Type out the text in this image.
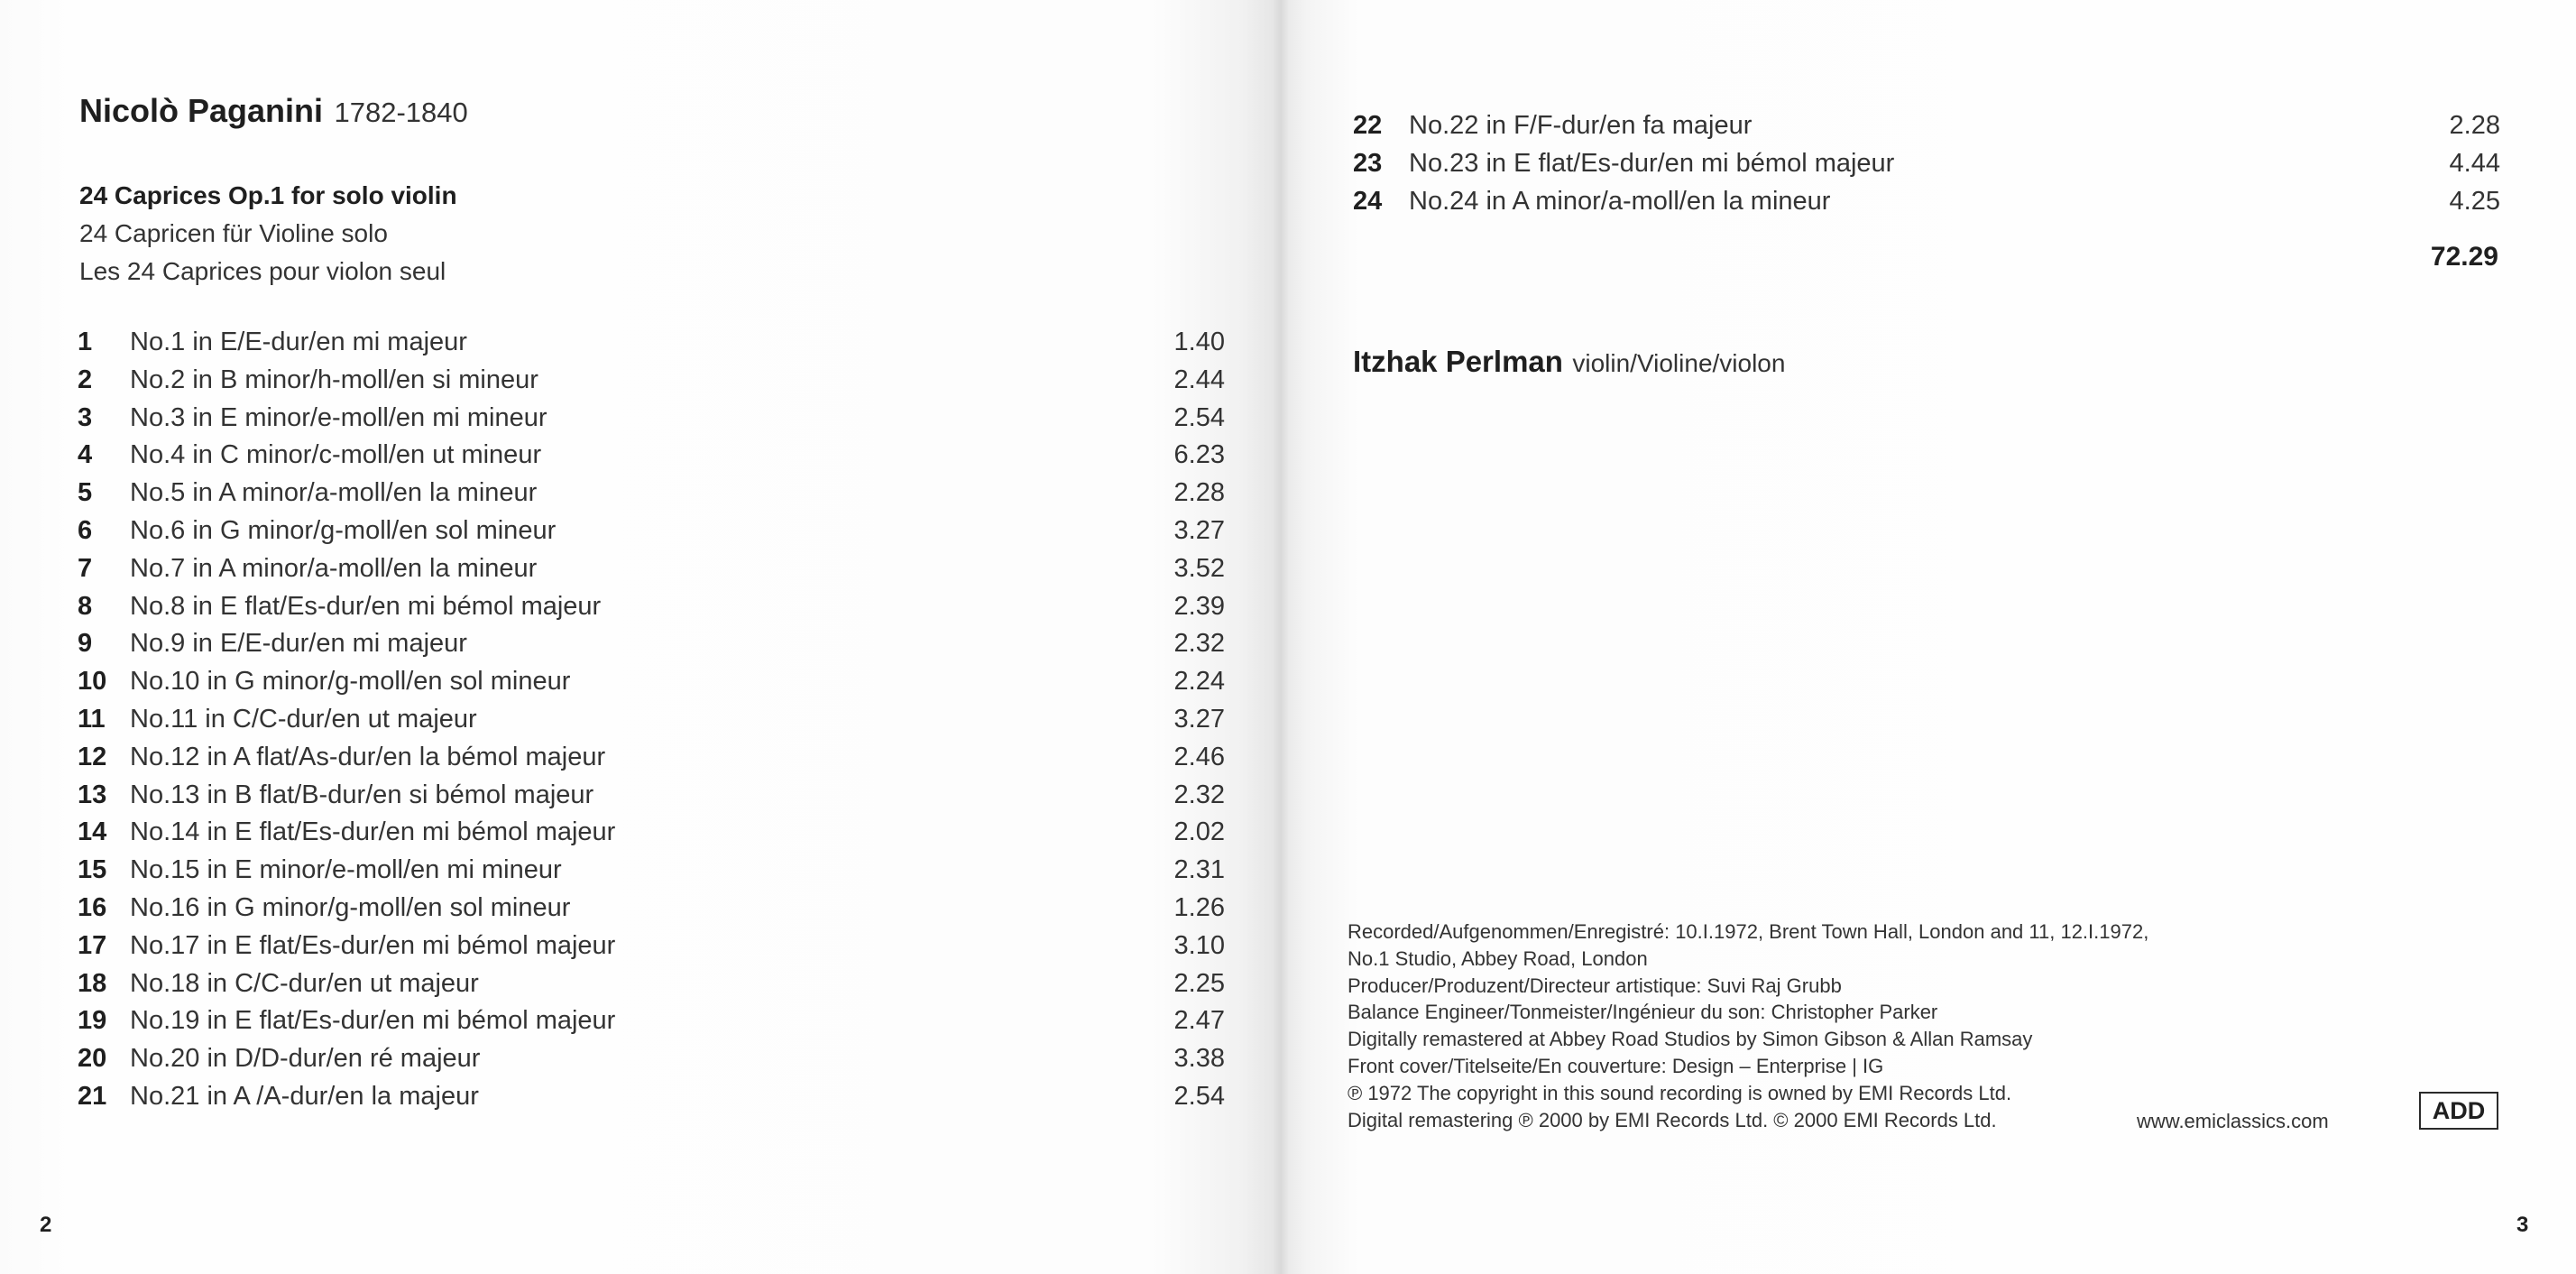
Nicolò Paganini 1782-1840
24 Caprices Op.1 for solo violin
24 Capricen für Violine solo
Les 24 Caprices pour violon seul
1 No.1 in E/E-dur/en mi majeur	1.40
2 No.2 in B minor/h-moll/en si mineur	2.44
3 No.3 in E minor/e-moll/en mi mineur	2.54
4 No.4 in C minor/c-moll/en ut mineur	6.23
5 No.5 in A minor/a-moll/en la mineur	2.28
6 No.6 in G minor/g-moll/en sol mineur	3.27
7 No.7 in A minor/a-moll/en la mineur	3.52
8 No.8 in E flat/Es-dur/en mi bémol majeur	2.39
9 No.9 in E/E-dur/en mi majeur	2.32
10 No.10 in G minor/g-moll/en sol mineur	2.24
11 No.11 in C/C-dur/en ut majeur	3.27
12 No.12 in A flat/As-dur/en la bémol majeur	2.46
13 No.13 in B flat/B-dur/en si bémol majeur	2.32
14 No.14 in E flat/Es-dur/en mi bémol majeur	2.02
15 No.15 in E minor/e-moll/en mi mineur	2.31
16 No.16 in G minor/g-moll/en sol mineur	1.26
17 No.17 in E flat/Es-dur/en mi bémol majeur	3.10
18 No.18 in C/C-dur/en ut majeur	2.25
19 No.19 in E flat/Es-dur/en mi bémol majeur	2.47
20 No.20 in D/D-dur/en ré majeur	3.38
21 No.21 in A /A-dur/en la majeur	2.54
2
22 No.22 in F/F-dur/en fa majeur	2.28
23 No.23 in E flat/Es-dur/en mi bémol majeur	4.44
24 No.24 in A minor/a-moll/en la mineur	4.25
72.29
Itzhak Perlman violin/Violine/violon
Recorded/Aufgenommen/Enregistré: 10.I.1972, Brent Town Hall, London and 11, 12.I.1972,
No.1 Studio, Abbey Road, London
Producer/Produzent/Directeur artistique: Suvi Raj Grubb
Balance Engineer/Tonmeister/Ingénieur du son: Christopher Parker
Digitally remastered at Abbey Road Studios by Simon Gibson & Allan Ramsay
Front cover/Titelseite/En couverture: Design – Enterprise | IG
℗ 1972 The copyright in this sound recording is owned by EMI Records Ltd.
Digital remastering ℗ 2000 by EMI Records Ltd. © 2000 EMI Records Ltd.	www.emiclassics.com	ADD
3
